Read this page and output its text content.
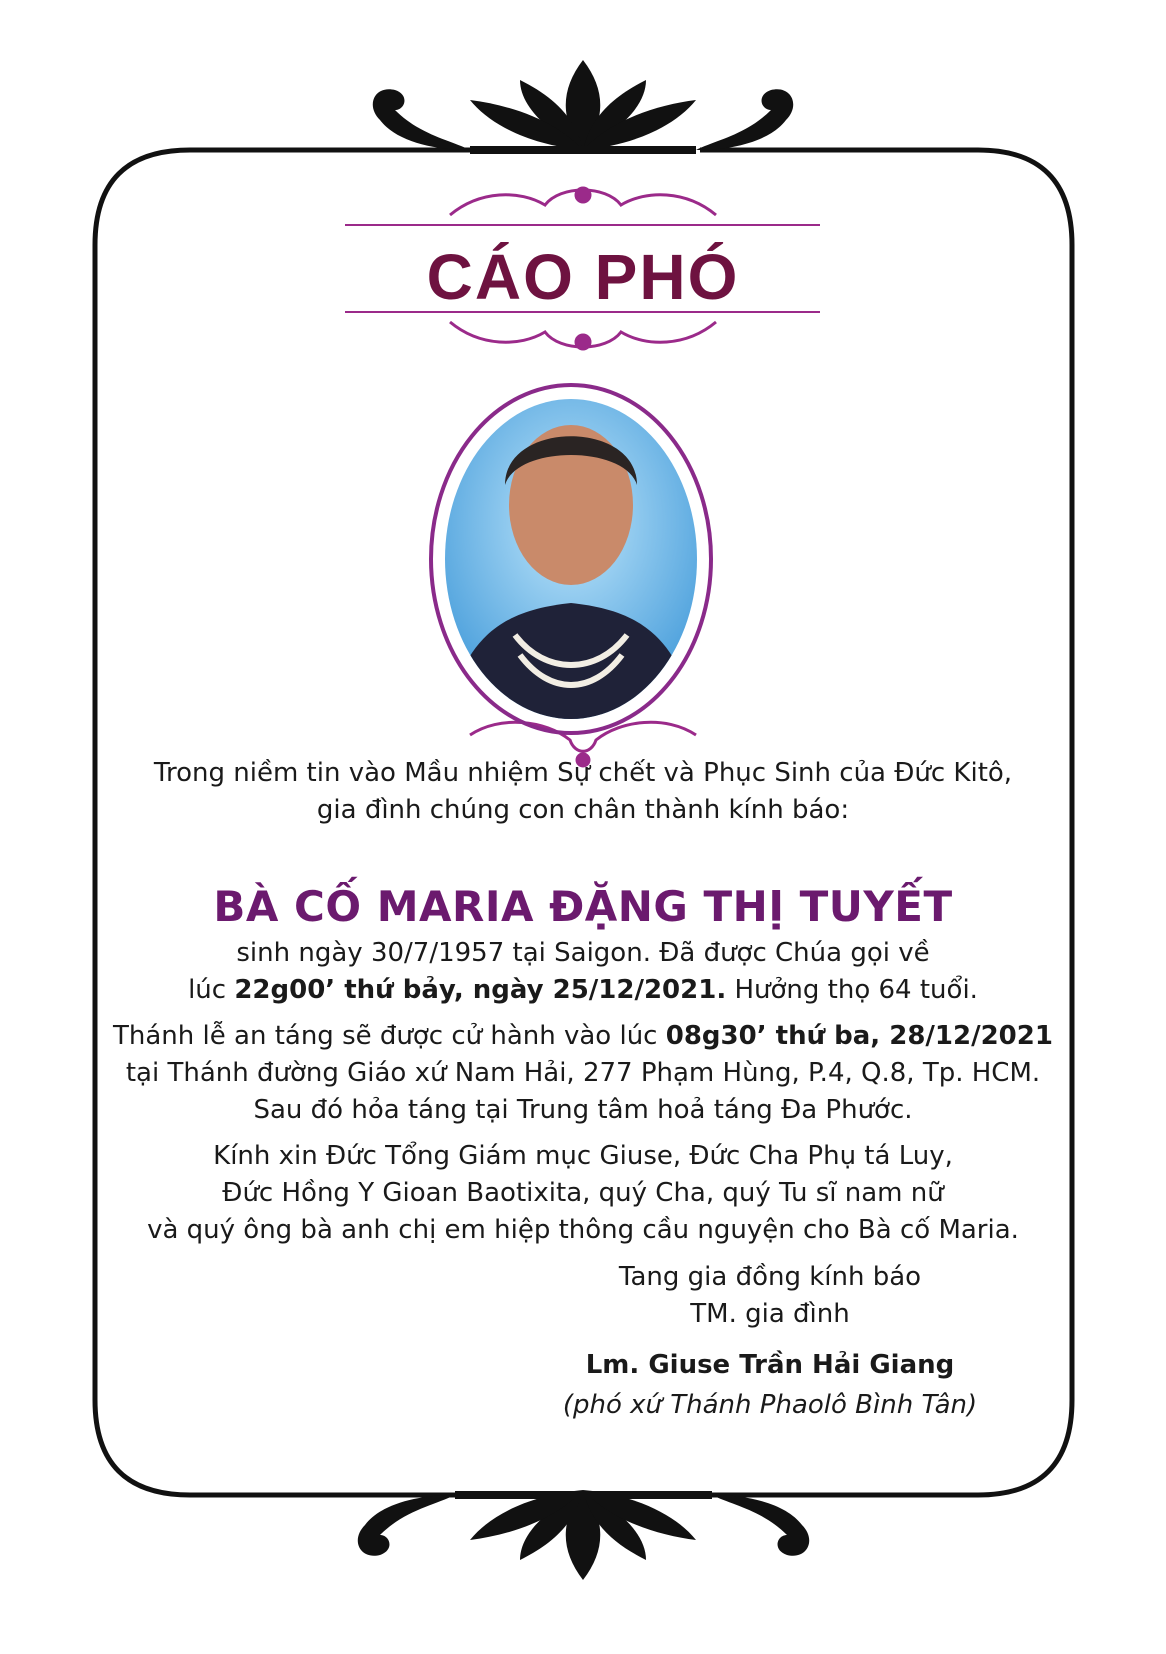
CÁO PHÓ
Trong niềm tin vào Mầu nhiệm Sự chết và Phục Sinh của Đức Kitô,
gia đình chúng con chân thành kính báo:
BÀ CỐ MARIA ĐẶNG THỊ TUYẾT
sinh ngày 30/7/1957 tại Saigon. Đã được Chúa gọi về
lúc 22g00’ thứ bảy, ngày 25/12/2021. Hưởng thọ 64 tuổi.
Thánh lễ an táng sẽ được cử hành vào lúc 08g30’ thứ ba, 28/12/2021
tại Thánh đường Giáo xứ Nam Hải, 277 Phạm Hùng, P.4, Q.8, Tp. HCM.
Sau đó hỏa táng tại Trung tâm hoả táng Đa Phước.
Kính xin Đức Tổng Giám mục Giuse, Đức Cha Phụ tá Luy,
Đức Hồng Y Gioan Baotixita, quý Cha, quý Tu sĩ nam nữ
và quý ông bà anh chị em hiệp thông cầu nguyện cho Bà cố Maria.
Tang gia đồng kính báo
TM. gia đình
Lm. Giuse Trần Hải Giang
(phó xứ Thánh Phaolô Bình Tân)
